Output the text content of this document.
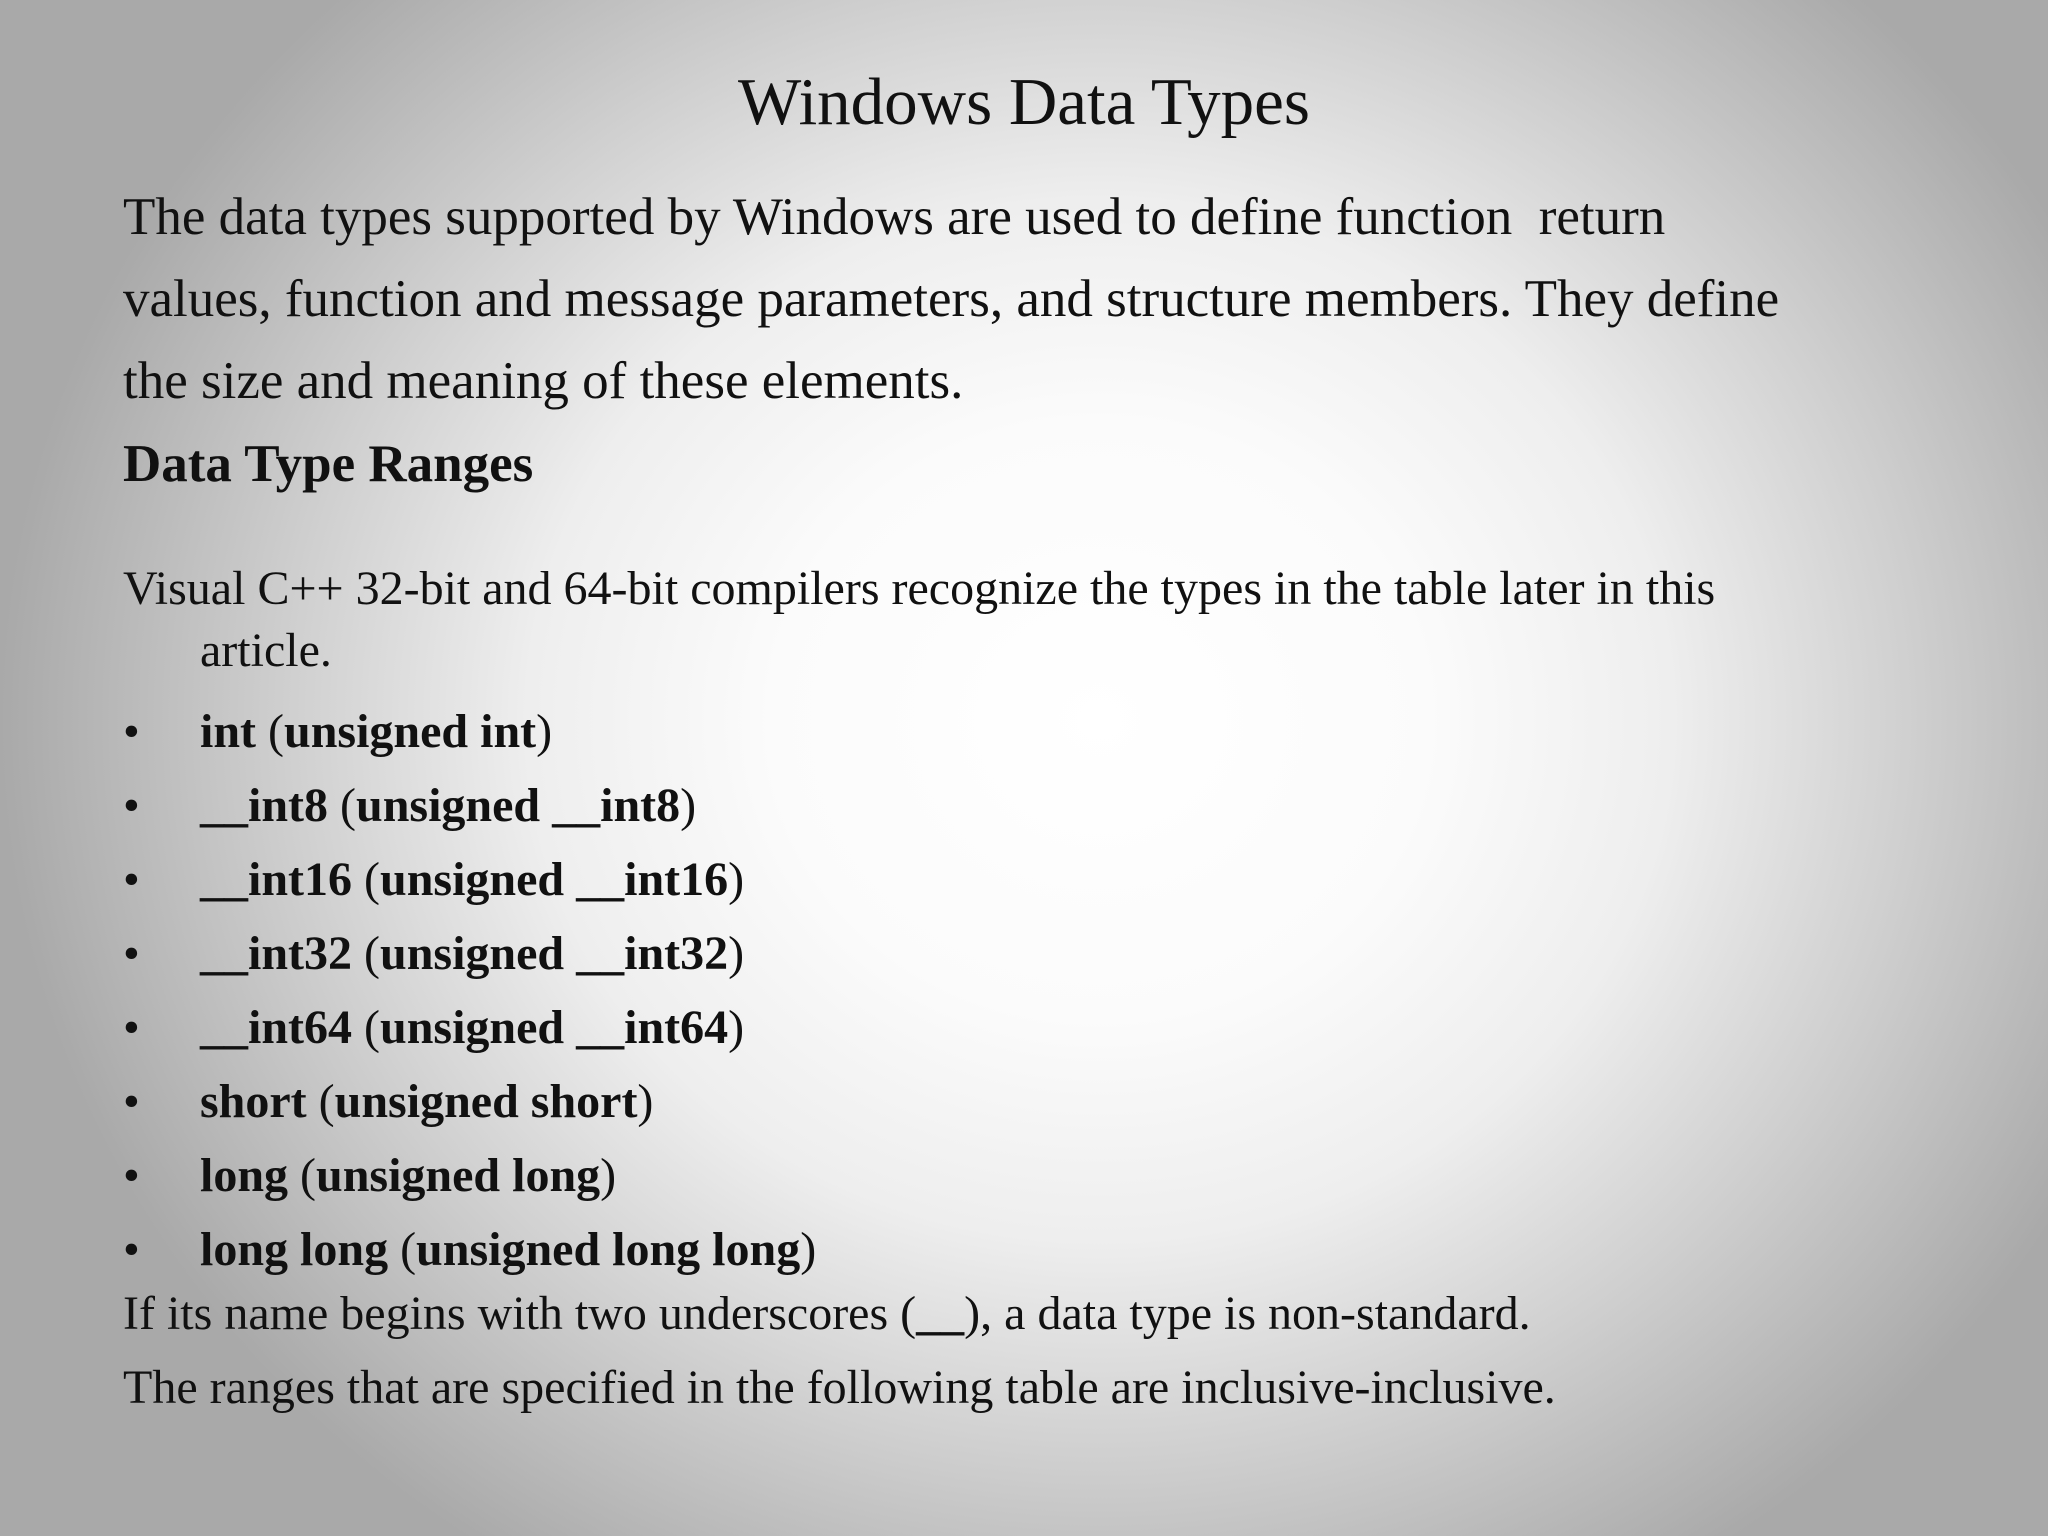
Windows Data Types

The data types supported by Windows are used to define function  return
values, function and message parameters, and structure members. They define
the size and meaning of these elements.

Data Type Ranges

Visual C++ 32-bit and 64-bit compilers recognize the types in the table later in this
article.

• int (unsigned int)
• __int8 (unsigned __int8)
• __int16 (unsigned __int16)
• __int32 (unsigned __int32)
• __int64 (unsigned __int64)
• short (unsigned short)
• long (unsigned long)
• long long (unsigned long long)

If its name begins with two underscores (__), a data type is non-standard.

The ranges that are specified in the following table are inclusive-inclusive.
